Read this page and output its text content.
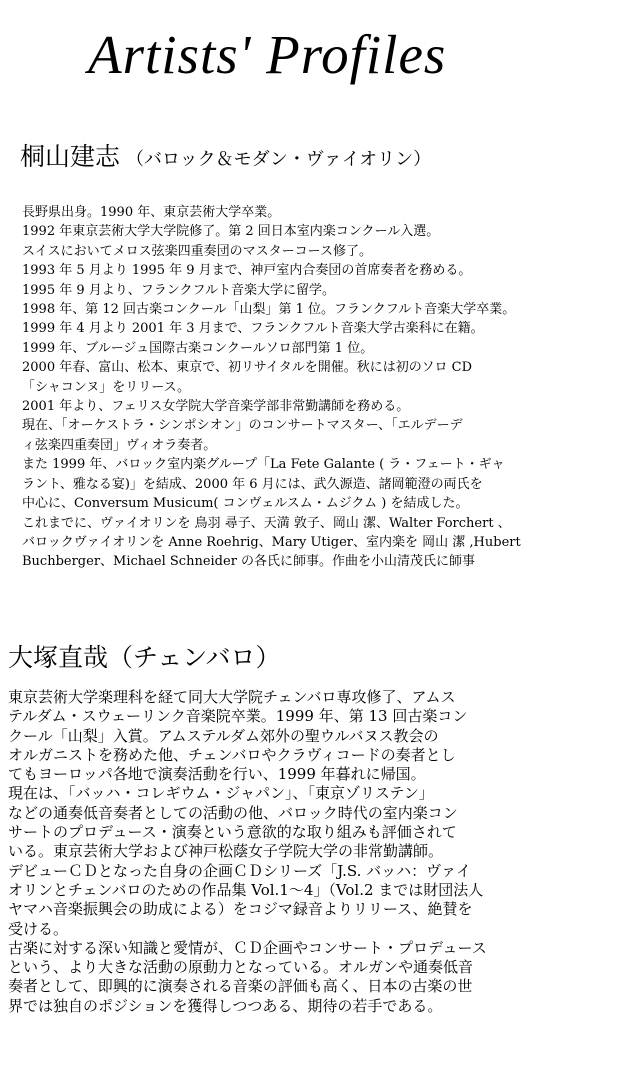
Artists' Profiles
桐山建志 （バロック＆モダン・ヴァイオリン）
長野県出身。1990 年、東京芸術大学卒業。
1992 年東京芸術大学大学院修了。第 2 回日本室内楽コンクール入選。
スイスにおいてメロス弦楽四重奏団のマスターコース修了。
1993 年 5 月より 1995 年 9 月まで、神戸室内合奏団の首席奏者を務める。
1995 年 9 月より、フランクフルト音楽大学に留学。
1998 年、第 12 回古楽コンクール「山梨」第 1 位。フランクフルト音楽大学卒業。
1999 年 4 月より 2001 年 3 月まで、フランクフルト音楽大学古楽科に在籍。
1999 年、ブルージュ国際古楽コンクールソロ部門第 1 位。
2000 年春、富山、松本、東京で、初リサイタルを開催。秋には初のソロ CD
「シャコンヌ」をリリース。
2001 年より、フェリス女学院大学音楽学部非常勤講師を務める。
現在、「オーケストラ・シンポシオン」のコンサートマスター、「エルデーデ
ィ弦楽四重奏団」ヴィオラ奏者。
また 1999 年、バロック室内楽グループ「La Fete Galante ( ラ・フェート・ギャ
ラント、雅なる宴)」を結成、2000 年 6 月には、武久源造、諸岡範澄の両氏を
中心に、Conversum Musicum( コンヴェルスム・ムジクム ) を結成した。
これまでに、ヴァイオリンを 鳥羽 尋子、天満 敦子、岡山 潔、Walter Forchert 、
バロックヴァイオリンを Anne Roehrig、Mary Utiger、室内楽を 岡山 潔 ,Hubert
Buchberger、Michael Schneider の各氏に師事。作曲を小山清茂氏に師事
大塚直哉（チェンバロ）
東京芸術大学楽理科を経て同大大学院チェンバロ専攻修了、アムス
テルダム・スウェーリンク音楽院卒業。1999 年、第 13 回古楽コン
クール「山梨」入賞。アムステルダム郊外の聖ウルバヌス教会の
オルガニストを務めた他、チェンバロやクラヴィコードの奏者とし
てもヨーロッパ各地で演奏活動を行い、1999 年暮れに帰国。
現在は、「バッハ・コレギウム・ジャパン」、「東京ゾリステン」
などの通奏低音奏者としての活動の他、バロック時代の室内楽コン
サートのプロデュース・演奏という意欲的な取り組みも評価されて
いる。東京芸術大学および神戸松蔭女子学院大学の非常勤講師。
デビューＣＤとなった自身の企画ＣＤシリーズ「J.S. バッハ：ヴァイ
オリンとチェンバロのための作品集 Vol.1～4」（Vol.2 までは財団法人
ヤマハ音楽振興会の助成による）をコジマ録音よりリリース、絶賛を
受ける。
古楽に対する深い知識と愛情が、ＣＤ企画やコンサート・プロデュース
という、より大きな活動の原動力となっている。オルガンや通奏低音
奏者として、即興的に演奏される音楽の評価も高く、日本の古楽の世
界では独自のポジションを獲得しつつある、期待の若手である。
